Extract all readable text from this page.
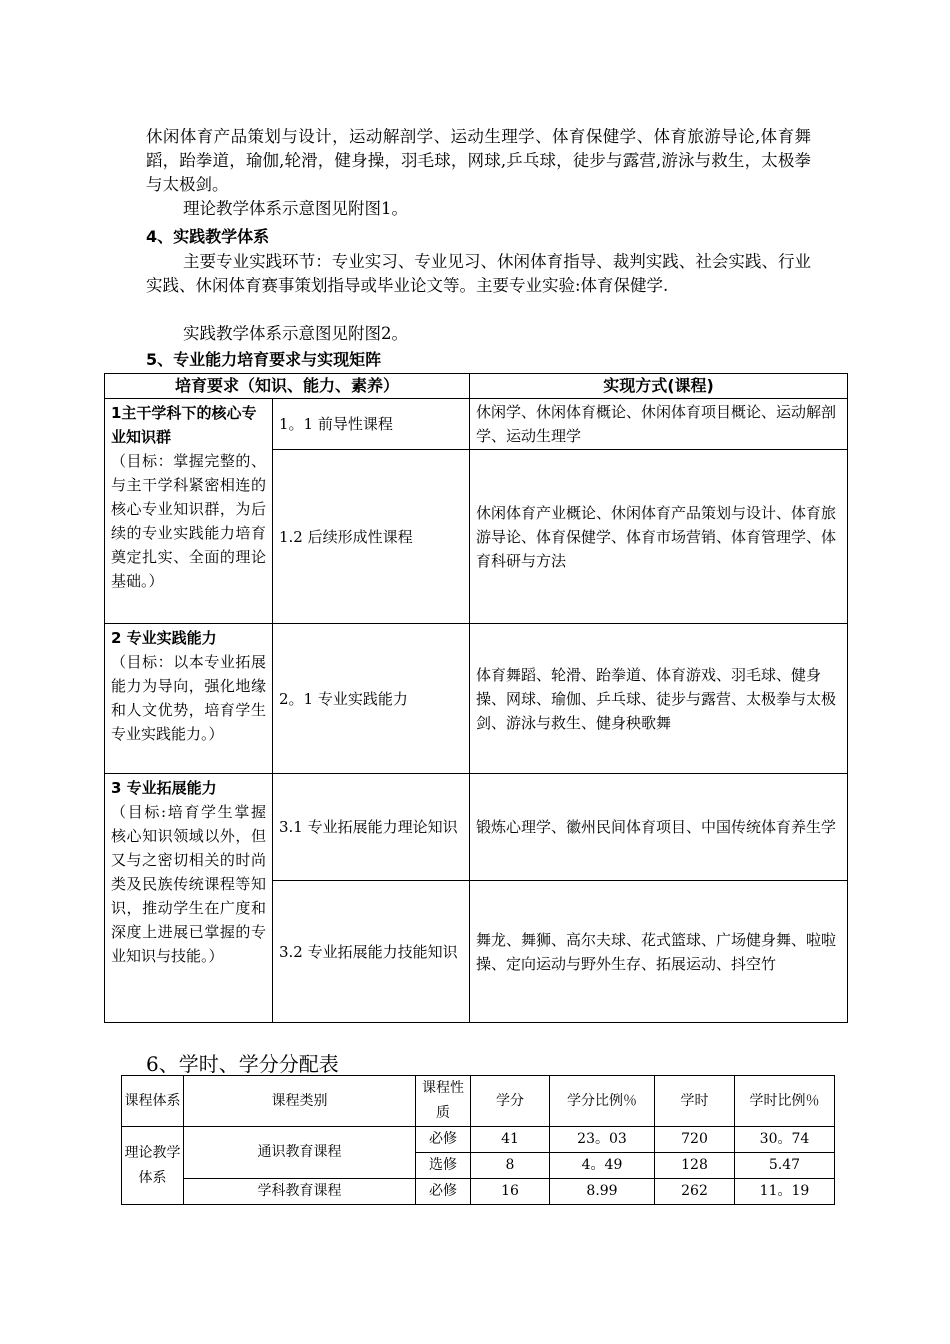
休闲体育产品策划与设计，运动解剖学、运动生理学、体育保健学、体育旅游导论,体育舞蹈，跆拳道，瑜伽,轮滑，健身操，羽毛球，网球,乒乓球，徒步与露营,游泳与救生，太极拳与太极剑。
理论教学体系示意图见附图1。
4、实践教学体系
主要专业实践环节：专业实习、专业见习、休闲体育指导、裁判实践、社会实践、行业实践、休闲体育赛事策划指导或毕业论文等。主要专业实验:体育保健学.
实践教学体系示意图见附图2。
5、专业能力培育要求与实现矩阵
培育要求（知识、能力、素养）		实现方式(课程)

1主干学科下的核心专业知识群
（目标：掌握完整的、与主干学科紧密相连的核心专业知识群，为后续的专业实践能力培育奠定扎实、全面的理论基础。）	1。1 前导性课程	休闲学、休闲体育概论、休闲体育项目概论、运动解剖学、运动生理学
	1.2 后续形成性课程	休闲体育产业概论、休闲体育产品策划与设计、体育旅游导论、体育保健学、体育市场营销、体育管理学、体育科研与方法

2 专业实践能力
（目标：以本专业拓展能力为导向，强化地缘和人文优势，培育学生专业实践能力。）	2。1 专业实践能力	体育舞蹈、轮滑、跆拳道、体育游戏、羽毛球、健身操、网球、瑜伽、乒乓球、徒步与露营、太极拳与太极剑、游泳与救生、健身秧歌舞

3 专业拓展能力
（目标:培育学生掌握核心知识领域以外，但又与之密切相关的时尚类及民族传统课程等知识，推动学生在广度和深度上进展已掌握的专业知识与技能。）	3.1 专业拓展能力理论知识	锻炼心理学、徽州民间体育项目、中国传统体育养生学
	3.2 专业拓展能力技能知识	舞龙、舞狮、高尔夫球、花式篮球、广场健身舞、啦啦操、定向运动与野外生存、拓展运动、抖空竹
6、学时、学分分配表
课程体系	课程类别	课程性质	学分	学分比例％	学时	学时比例％
理论教学体系	通识教育课程	必修	41	23。03	720	30。74
		选修	8	4。49	128	5.47
	学科教育课程	必修	16	8.99	262	11。19
